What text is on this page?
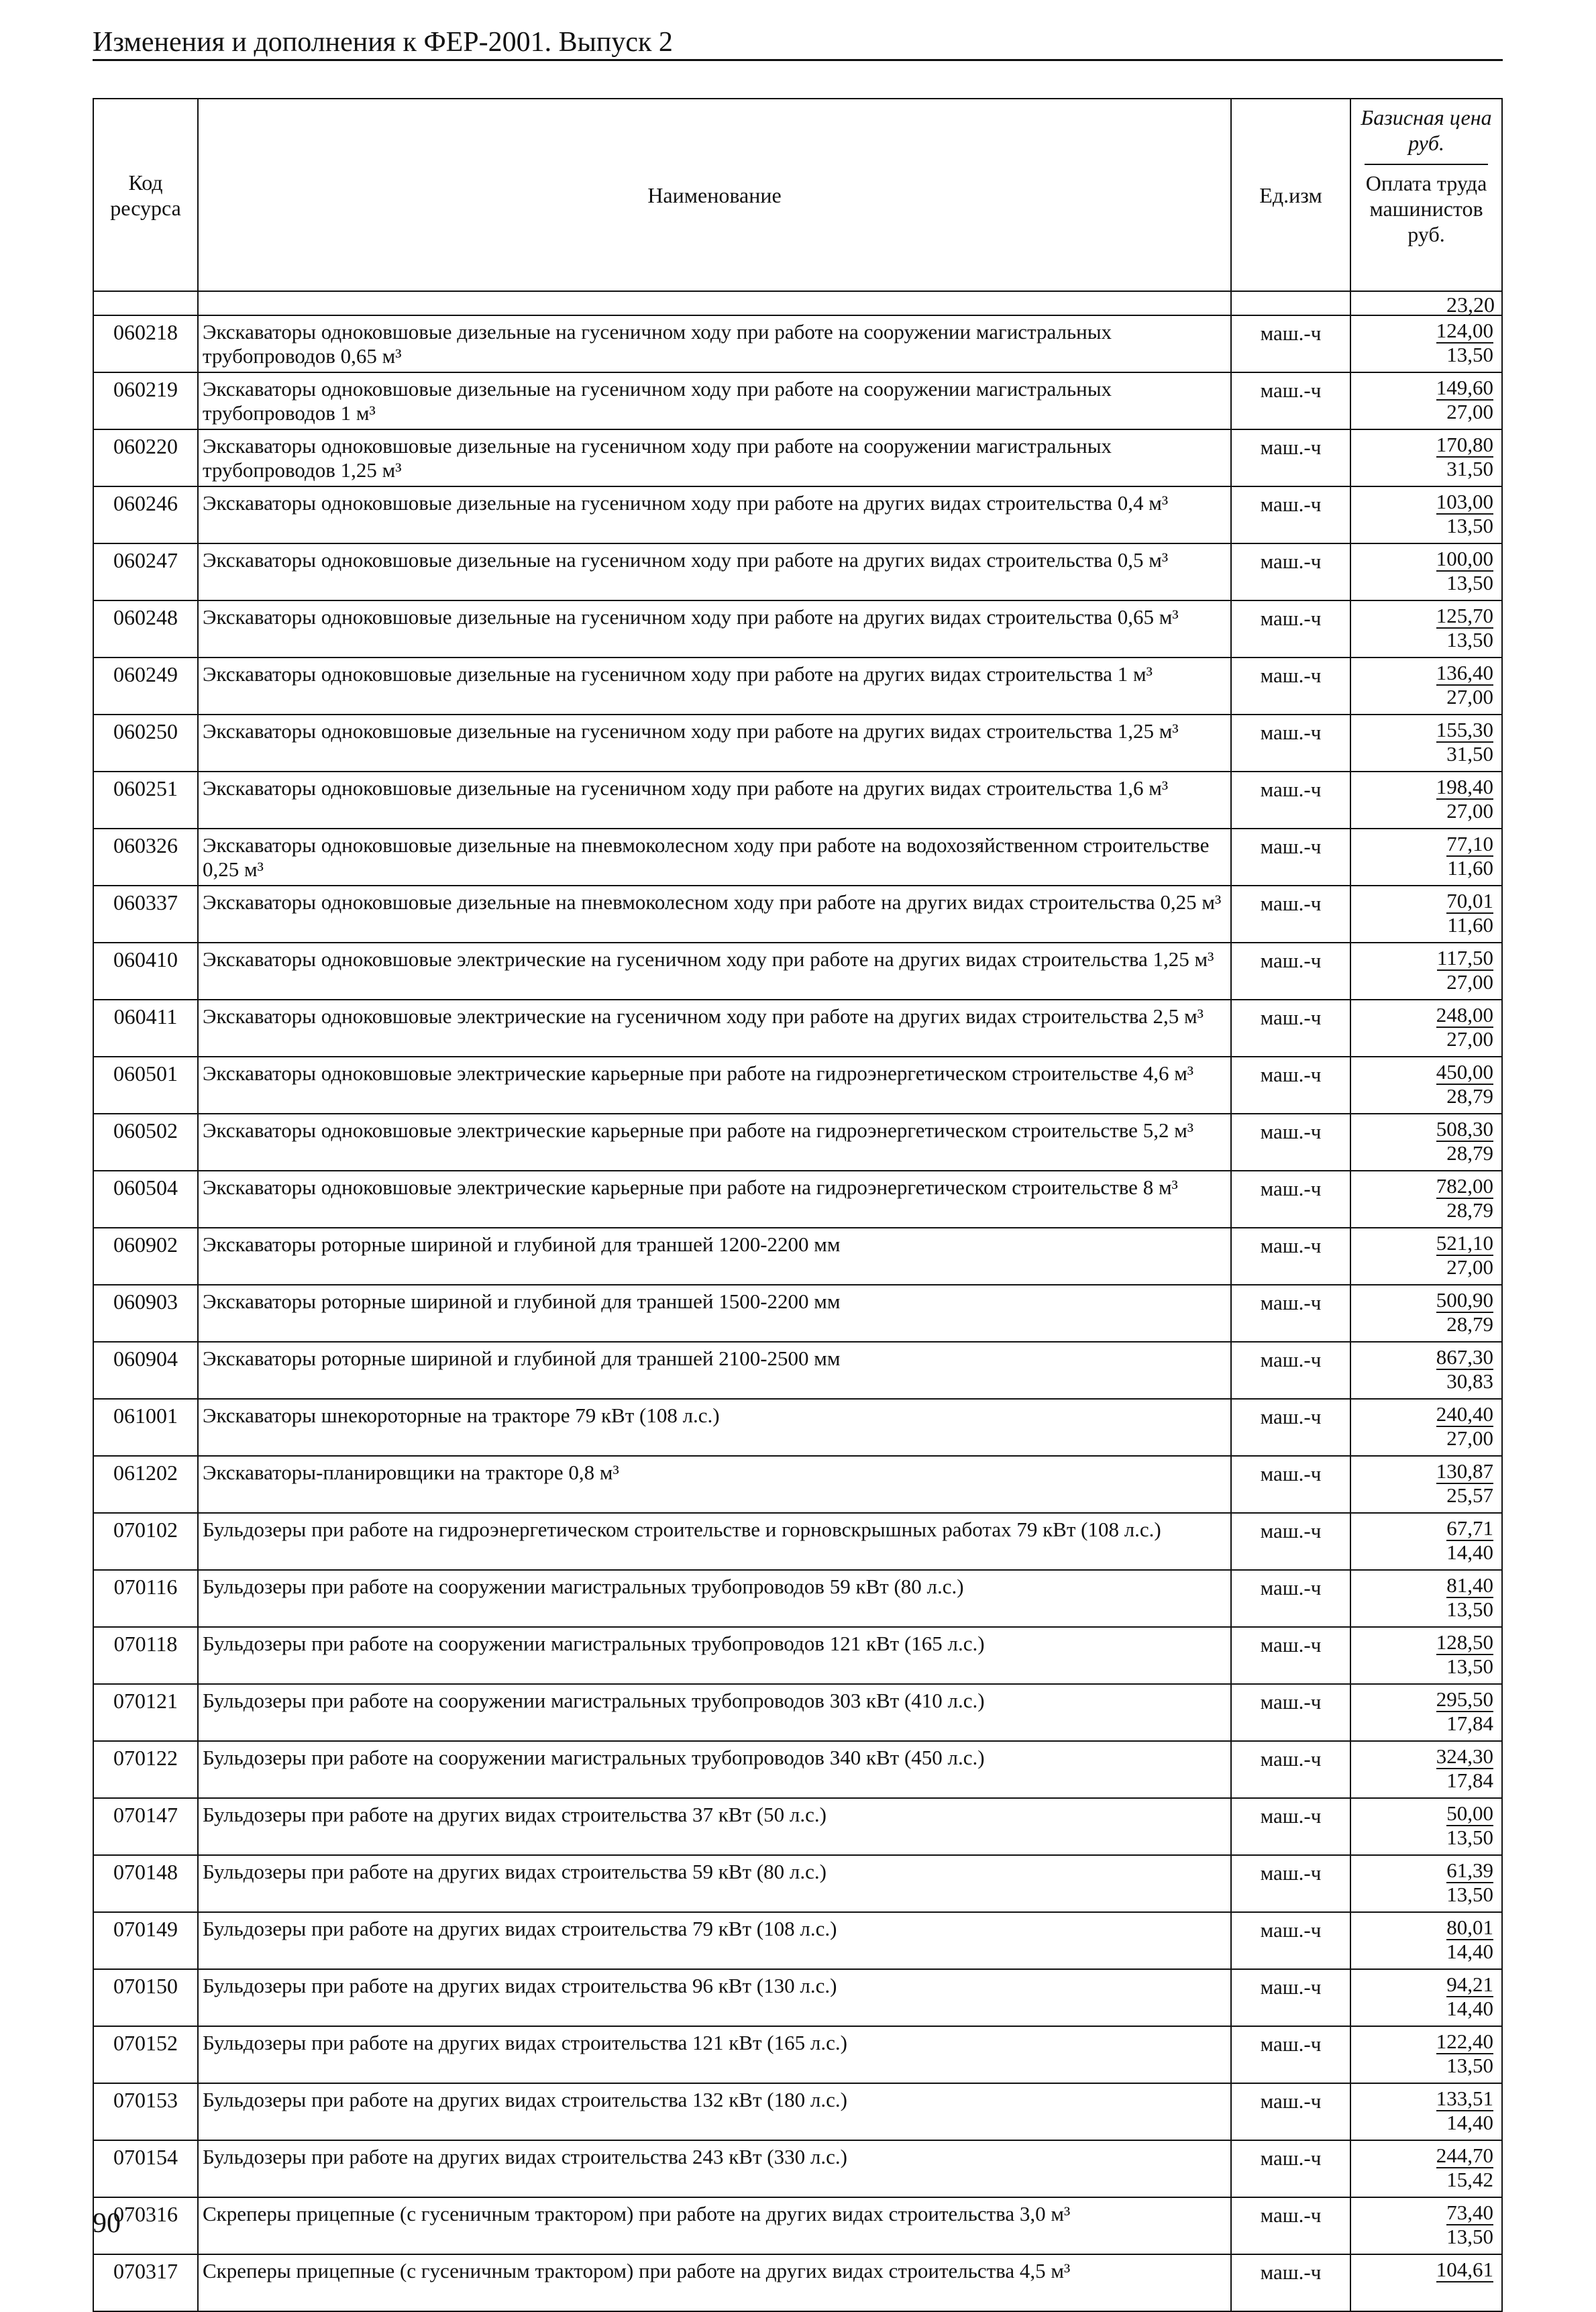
Изменения и дополнения к ФЕР-2001. Выпуск 2
Код ресурса	Наименование	Ед.изм	Базисная цена руб.
Оплата труда машинистов руб.

			23,20
060218	Экскаваторы одноковшовые дизельные на гусеничном ходу при работе на сооружении магистральных трубопроводов 0,65 м³	маш.-ч	124,00
13,50

060219	Экскаваторы одноковшовые дизельные на гусеничном ходу при работе на сооружении магистральных трубопроводов 1 м³	маш.-ч	149,60
27,00

060220	Экскаваторы одноковшовые дизельные на гусеничном ходу при работе на сооружении магистральных трубопроводов 1,25 м³	маш.-ч	170,80
31,50

060246	Экскаваторы одноковшовые дизельные на гусеничном ходу при работе на других видах строительства 0,4 м³	маш.-ч	103,00
13,50

060247	Экскаваторы одноковшовые дизельные на гусеничном ходу при работе на других видах строительства 0,5 м³	маш.-ч	100,00
13,50

060248	Экскаваторы одноковшовые дизельные на гусеничном ходу при работе на других видах строительства 0,65 м³	маш.-ч	125,70
13,50

060249	Экскаваторы одноковшовые дизельные на гусеничном ходу при работе на других видах строительства 1 м³	маш.-ч	136,40
27,00

060250	Экскаваторы одноковшовые дизельные на гусеничном ходу при работе на других видах строительства 1,25 м³	маш.-ч	155,30
31,50

060251	Экскаваторы одноковшовые дизельные на гусеничном ходу при работе на других видах строительства 1,6 м³	маш.-ч	198,40
27,00

060326	Экскаваторы одноковшовые дизельные на пневмоколесном ходу при работе на водохозяйственном строительстве 0,25 м³	маш.-ч	77,10
11,60

060337	Экскаваторы одноковшовые дизельные на пневмоколесном ходу при работе на других видах строительства 0,25 м³	маш.-ч	70,01
11,60

060410	Экскаваторы одноковшовые электрические на гусеничном ходу при работе на других видах строительства 1,25 м³	маш.-ч	117,50
27,00

060411	Экскаваторы одноковшовые электрические на гусеничном ходу при работе на других видах строительства 2,5 м³	маш.-ч	248,00
27,00

060501	Экскаваторы одноковшовые электрические карьерные при работе на гидроэнергетическом строительстве 4,6 м³	маш.-ч	450,00
28,79

060502	Экскаваторы одноковшовые электрические карьерные при работе на гидроэнергетическом строительстве 5,2 м³	маш.-ч	508,30
28,79

060504	Экскаваторы одноковшовые электрические карьерные при работе на гидроэнергетическом строительстве 8 м³	маш.-ч	782,00
28,79

060902	Экскаваторы роторные шириной и глубиной для траншей 1200-2200 мм	маш.-ч	521,10
27,00

060903	Экскаваторы роторные шириной и глубиной для траншей 1500-2200 мм	маш.-ч	500,90
28,79

060904	Экскаваторы роторные шириной и глубиной для траншей 2100-2500 мм	маш.-ч	867,30
30,83

061001	Экскаваторы шнекороторные на тракторе 79 кВт (108 л.с.)	маш.-ч	240,40
27,00

061202	Экскаваторы-планировщики на тракторе 0,8 м³	маш.-ч	130,87
25,57

070102	Бульдозеры при работе на гидроэнергетическом строительстве и горновскрышных работах 79 кВт (108 л.с.)	маш.-ч	67,71
14,40

070116	Бульдозеры при работе на сооружении магистральных трубопроводов 59 кВт (80 л.с.)	маш.-ч	81,40
13,50

070118	Бульдозеры при работе на сооружении магистральных трубопроводов 121 кВт (165 л.с.)	маш.-ч	128,50
13,50

070121	Бульдозеры при работе на сооружении магистральных трубопроводов 303 кВт (410 л.с.)	маш.-ч	295,50
17,84

070122	Бульдозеры при работе на сооружении магистральных трубопроводов 340 кВт (450 л.с.)	маш.-ч	324,30
17,84

070147	Бульдозеры при работе на других видах строительства 37 кВт (50 л.с.)	маш.-ч	50,00
13,50

070148	Бульдозеры при работе на других видах строительства 59 кВт (80 л.с.)	маш.-ч	61,39
13,50

070149	Бульдозеры при работе на других видах строительства 79 кВт (108 л.с.)	маш.-ч	80,01
14,40

070150	Бульдозеры при работе на других видах строительства 96 кВт (130 л.с.)	маш.-ч	94,21
14,40

070152	Бульдозеры при работе на других видах строительства 121 кВт (165 л.с.)	маш.-ч	122,40
13,50

070153	Бульдозеры при работе на других видах строительства 132 кВт (180 л.с.)	маш.-ч	133,51
14,40

070154	Бульдозеры при работе на других видах строительства 243 кВт (330 л.с.)	маш.-ч	244,70
15,42

070316	Скреперы прицепные (с гусеничным трактором) при работе на других видах строительства 3,0 м³	маш.-ч	73,40
13,50

070317	Скреперы прицепные (с гусеничным трактором) при работе на других видах строительства 4,5 м³	маш.-ч	104,61
90
